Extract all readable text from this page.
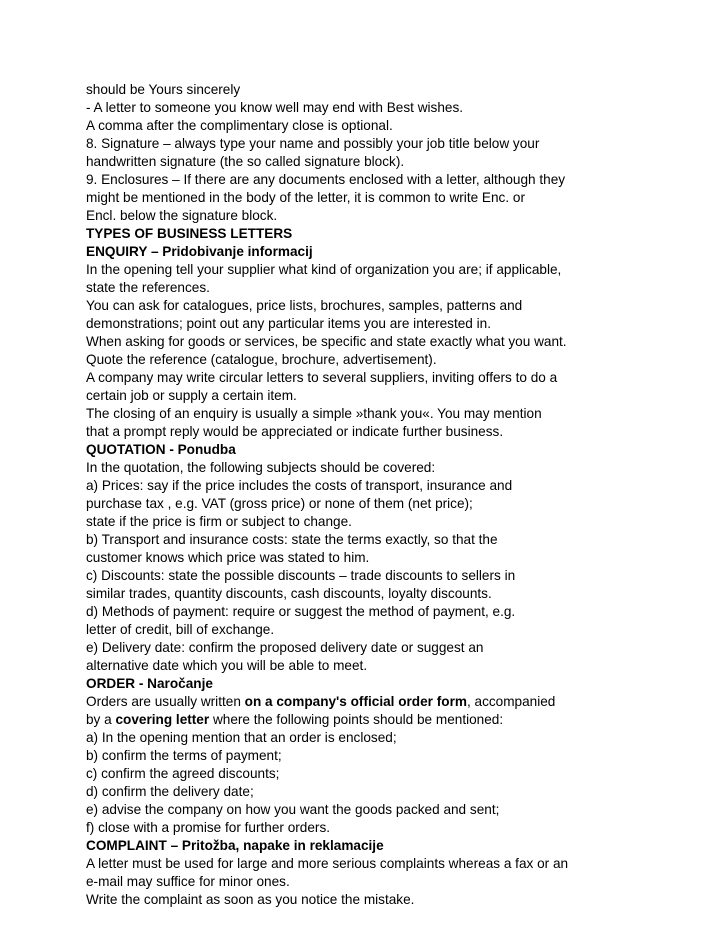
should be Yours sincerely
- A letter to someone you know well may end with Best wishes.
A comma after the complimentary close is optional.
8. Signature – always type your name and possibly your job title below your
handwritten signature (the so called signature block).
9. Enclosures – If there are any documents enclosed with a letter, although they
might be mentioned in the body of the letter, it is common to write Enc. or
Encl. below the signature block.
TYPES OF BUSINESS LETTERS
ENQUIRY – Pridobivanje informacij
In the opening tell your supplier what kind of organization you are; if applicable,
state the references.
You can ask for catalogues, price lists, brochures, samples, patterns and
demonstrations; point out any particular items you are interested in.
When asking for goods or services, be specific and state exactly what you want.
Quote the reference (catalogue, brochure, advertisement).
A company may write circular letters to several suppliers, inviting offers to do a
certain job or supply a certain item.
The closing of an enquiry is usually a simple »thank you«. You may mention
that a prompt reply would be appreciated or indicate further business.
QUOTATION - Ponudba
In the quotation, the following subjects should be covered:
a) Prices: say if the price includes the costs of transport, insurance and
purchase tax , e.g. VAT (gross price) or none of them (net price);
state if the price is firm or subject to change.
b) Transport and insurance costs: state the terms exactly, so that the
customer knows which price was stated to him.
c) Discounts: state the possible discounts – trade discounts to sellers in
similar trades, quantity discounts, cash discounts, loyalty discounts.
d) Methods of payment: require or suggest the method of payment, e.g.
letter of credit, bill of exchange.
e) Delivery date: confirm the proposed delivery date or suggest an
alternative date which you will be able to meet.
ORDER - Naročanje
Orders are usually written on a company's official order form, accompanied
by a covering letter where the following points should be mentioned:
a) In the opening mention that an order is enclosed;
b) confirm the terms of payment;
c) confirm the agreed discounts;
d) confirm the delivery date;
e) advise the company on how you want the goods packed and sent;
f) close with a promise for further orders.
COMPLAINT – Pritožba, napake in reklamacije
A letter must be used for large and more serious complaints whereas a fax or an
e-mail may suffice for minor ones.
Write the complaint as soon as you notice the mistake.
